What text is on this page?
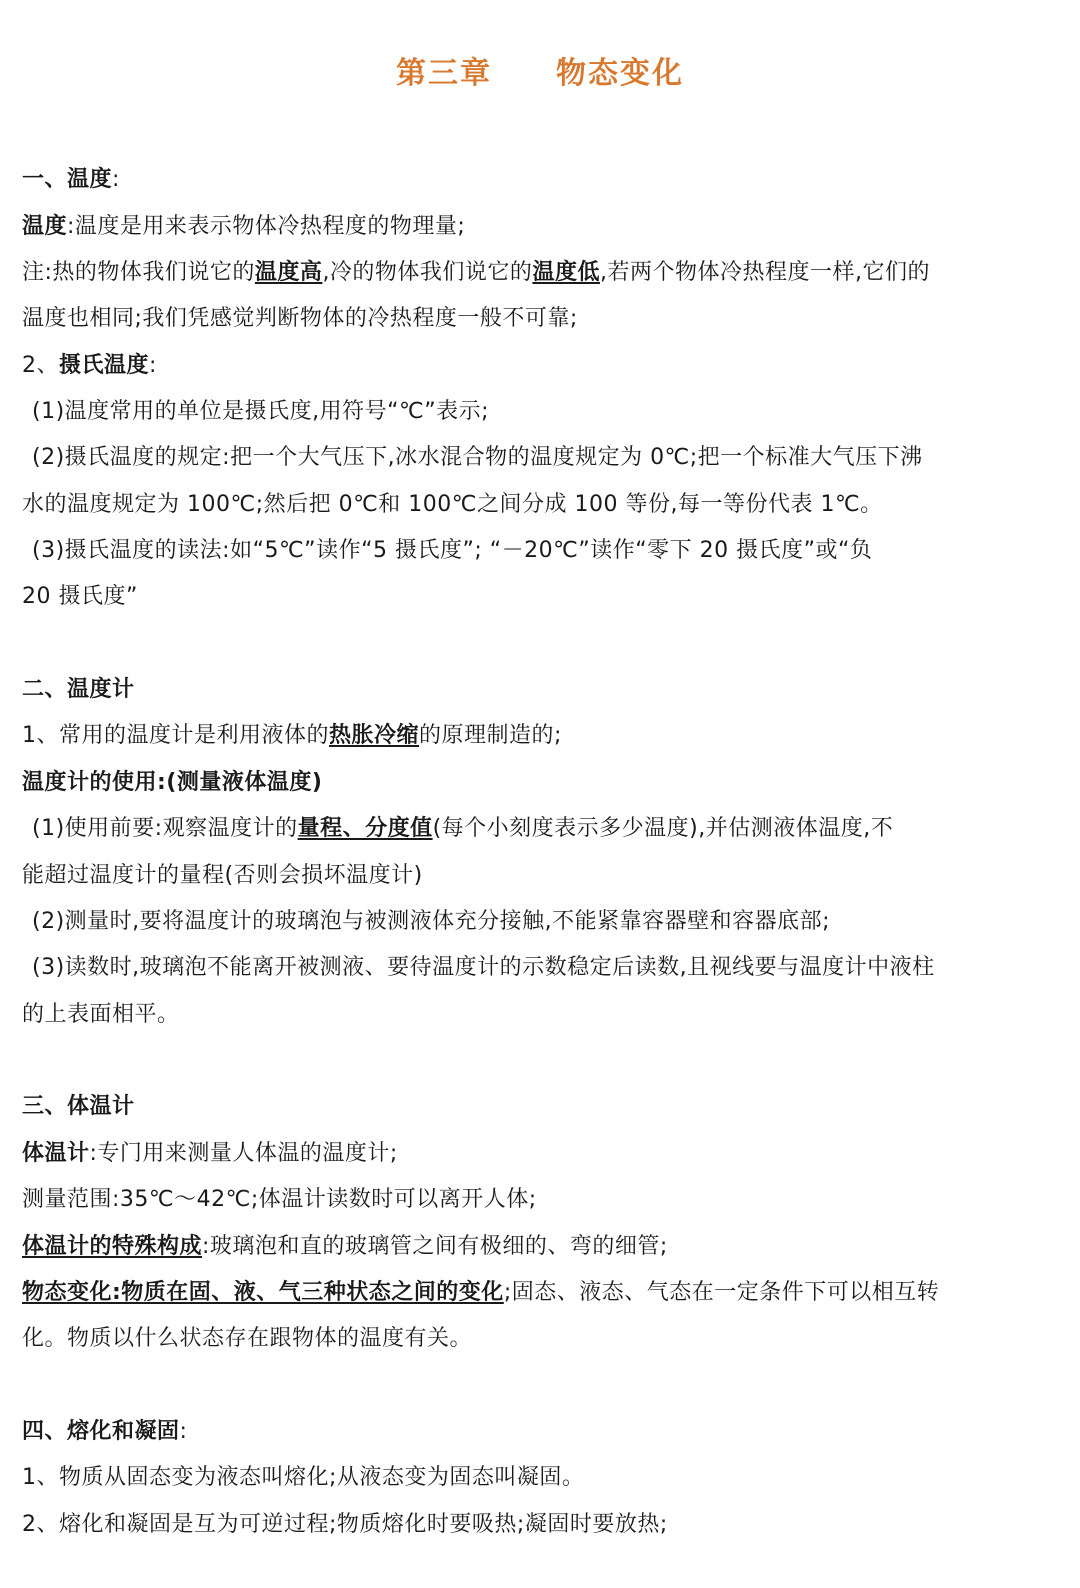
第三章 物态变化
一、温度:
温度:温度是用来表示物体冷热程度的物理量;
注:热的物体我们说它的温度高,冷的物体我们说它的温度低,若两个物体冷热程度一样,它们的
温度也相同;我们凭感觉判断物体的冷热程度一般不可靠;
2、摄氏温度:
(1)温度常用的单位是摄氏度,用符号“℃”表示;
(2)摄氏温度的规定:把一个大气压下,冰水混合物的温度规定为 0℃;把一个标准大气压下沸
水的温度规定为 100℃;然后把 0℃和 100℃之间分成 100 等份,每一等份代表 1℃。
(3)摄氏温度的读法:如“5℃”读作“5 摄氏度”; “－20℃”读作“零下 20 摄氏度”或“负
20 摄氏度”
二、温度计
1、常用的温度计是利用液体的热胀冷缩的原理制造的;
温度计的使用:(测量液体温度)
(1)使用前要:观察温度计的量程、分度值(每个小刻度表示多少温度),并估测液体温度,不
能超过温度计的量程(否则会损坏温度计)
(2)测量时,要将温度计的玻璃泡与被测液体充分接触,不能紧靠容器壁和容器底部;
(3)读数时,玻璃泡不能离开被测液、要待温度计的示数稳定后读数,且视线要与温度计中液柱
的上表面相平。
三、体温计
体温计:专门用来测量人体温的温度计;
测量范围:35℃～42℃;体温计读数时可以离开人体;
体温计的特殊构成:玻璃泡和直的玻璃管之间有极细的、弯的细管;
物态变化:物质在固、液、气三种状态之间的变化;固态、液态、气态在一定条件下可以相互转
化。物质以什么状态存在跟物体的温度有关。
四、熔化和凝固:
1、物质从固态变为液态叫熔化;从液态变为固态叫凝固。
2、熔化和凝固是互为可逆过程;物质熔化时要吸热;凝固时要放热;
